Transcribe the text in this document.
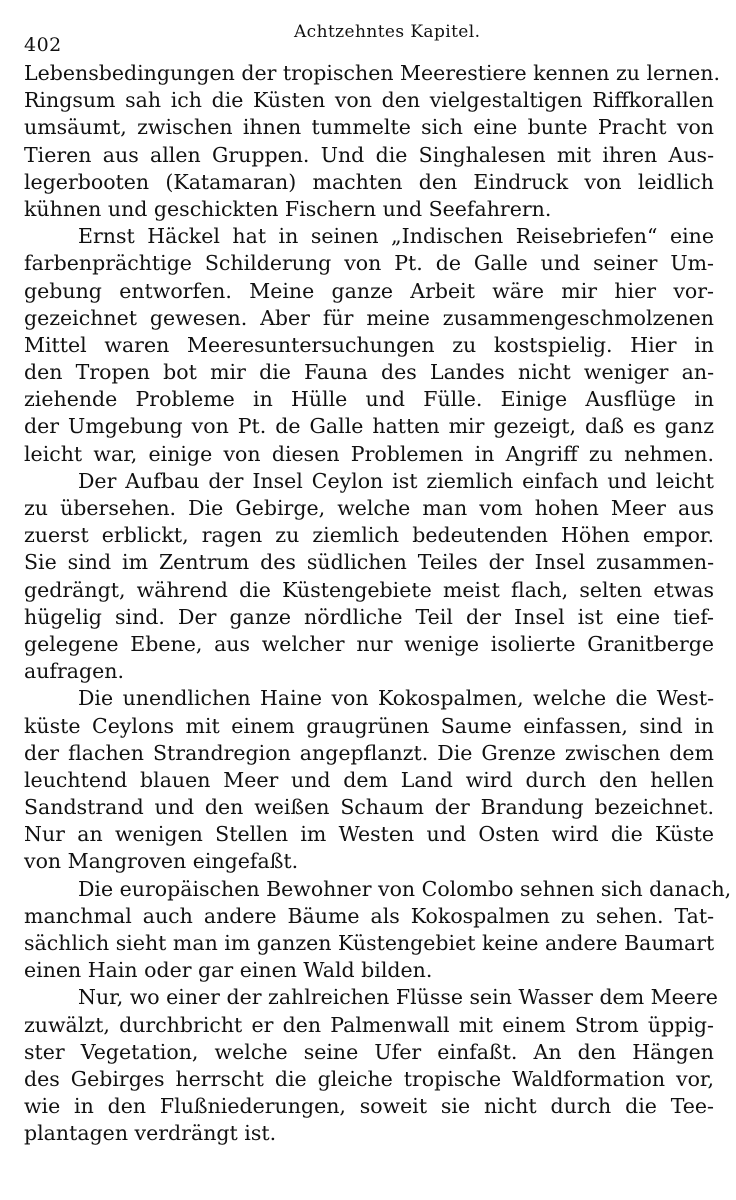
402
Achtzehntes Kapitel.
Lebensbedingungen der tropischen Meerestiere kennen zu lernen.
Ringsum sah ich die Küsten von den vielgestaltigen Riffkorallen
umsäumt, zwischen ihnen tummelte sich eine bunte Pracht von
Tieren aus allen Gruppen. Und die Singhalesen mit ihren Aus-
legerbooten (Katamaran) machten den Eindruck von leidlich
kühnen und geschickten Fischern und Seefahrern.
Ernst Häckel hat in seinen „Indischen Reisebriefen“ eine
farbenprächtige Schilderung von Pt. de Galle und seiner Um-
gebung entworfen. Meine ganze Arbeit wäre mir hier vor-
gezeichnet gewesen. Aber für meine zusammengeschmolzenen
Mittel waren Meeresuntersuchungen zu kostspielig. Hier in
den Tropen bot mir die Fauna des Landes nicht weniger an-
ziehende Probleme in Hülle und Fülle. Einige Ausflüge in
der Umgebung von Pt. de Galle hatten mir gezeigt, daß es ganz
leicht war, einige von diesen Problemen in Angriff zu nehmen.
Der Aufbau der Insel Ceylon ist ziemlich einfach und leicht
zu übersehen. Die Gebirge, welche man vom hohen Meer aus
zuerst erblickt, ragen zu ziemlich bedeutenden Höhen empor.
Sie sind im Zentrum des südlichen Teiles der Insel zusammen-
gedrängt, während die Küstengebiete meist flach, selten etwas
hügelig sind. Der ganze nördliche Teil der Insel ist eine tief-
gelegene Ebene, aus welcher nur wenige isolierte Granitberge
aufragen.
Die unendlichen Haine von Kokospalmen, welche die West-
küste Ceylons mit einem graugrünen Saume einfassen, sind in
der flachen Strandregion angepflanzt. Die Grenze zwischen dem
leuchtend blauen Meer und dem Land wird durch den hellen
Sandstrand und den weißen Schaum der Brandung bezeichnet.
Nur an wenigen Stellen im Westen und Osten wird die Küste
von Mangroven eingefaßt.
Die europäischen Bewohner von Colombo sehnen sich danach,
manchmal auch andere Bäume als Kokospalmen zu sehen. Tat-
sächlich sieht man im ganzen Küstengebiet keine andere Baumart
einen Hain oder gar einen Wald bilden.
Nur, wo einer der zahlreichen Flüsse sein Wasser dem Meere
zuwälzt, durchbricht er den Palmenwall mit einem Strom üppig-
ster Vegetation, welche seine Ufer einfaßt. An den Hängen
des Gebirges herrscht die gleiche tropische Waldformation vor,
wie in den Flußniederungen, soweit sie nicht durch die Tee-
plantagen verdrängt ist.
